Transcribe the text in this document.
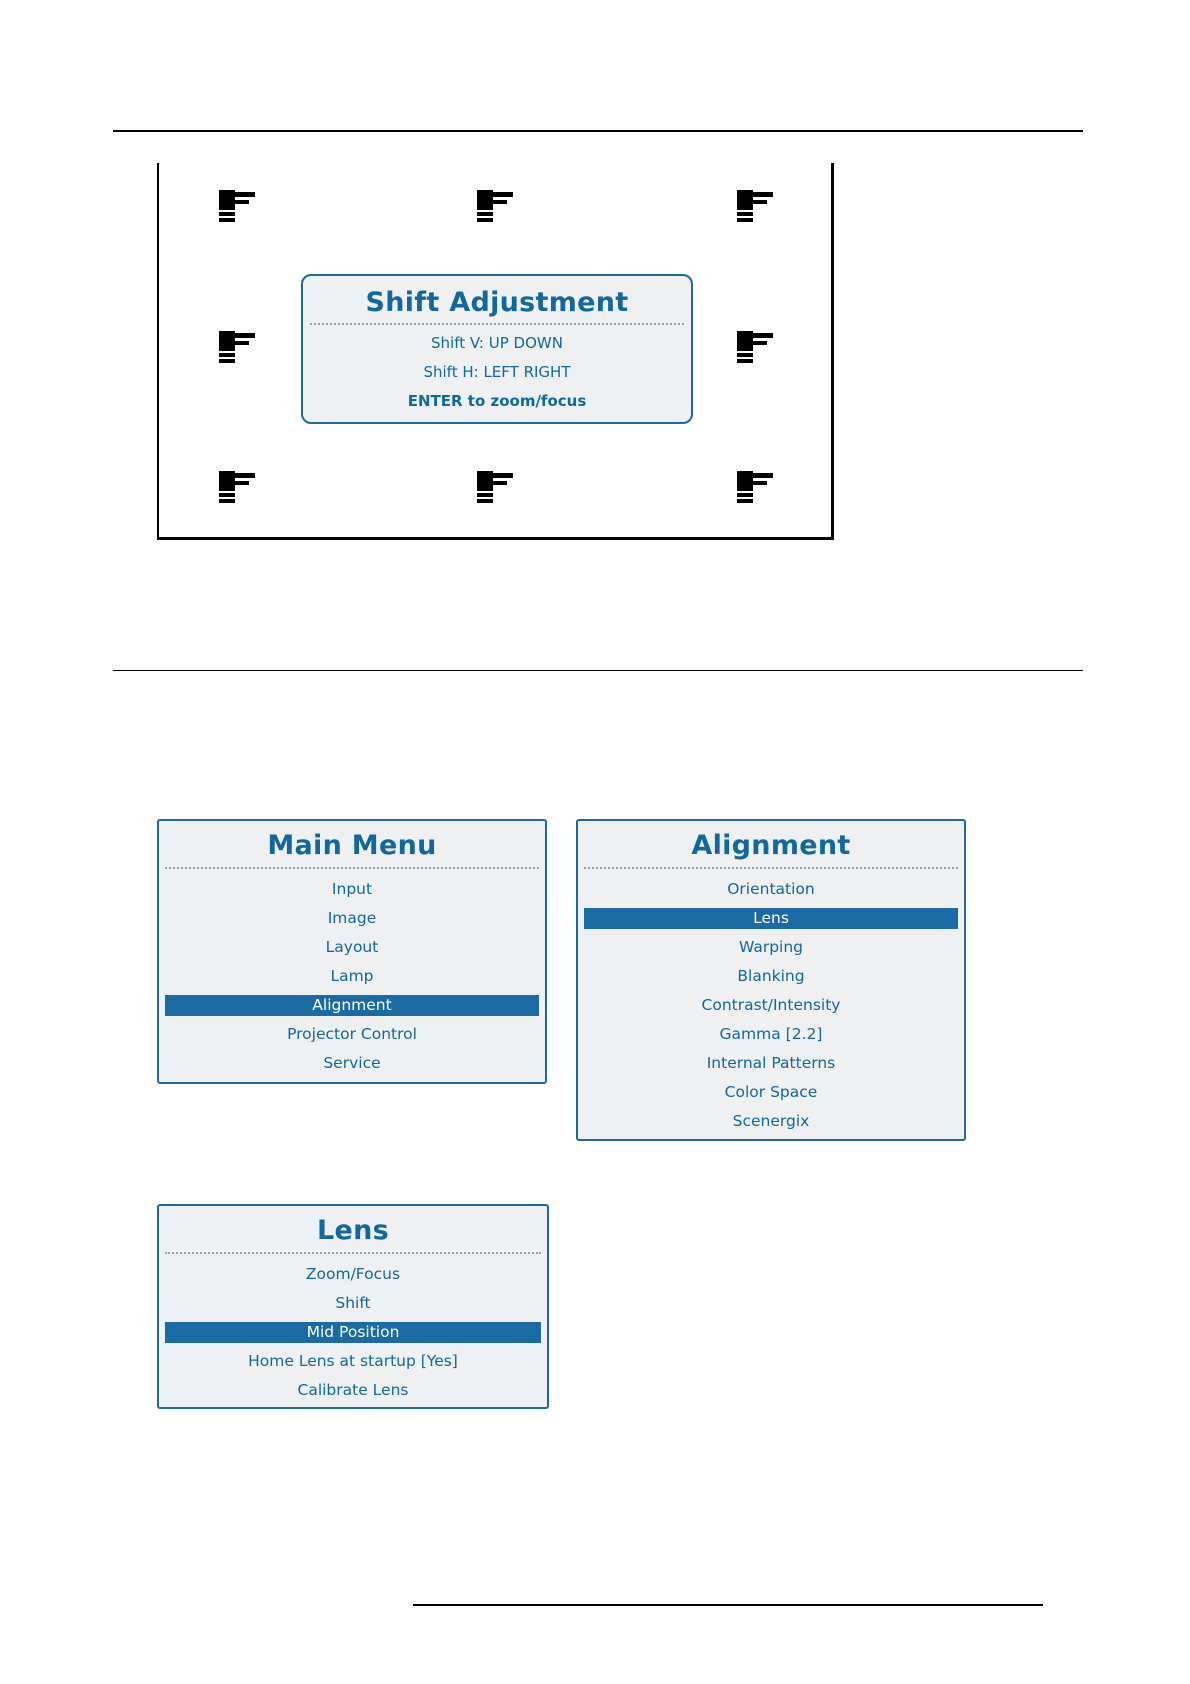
Shift Adjustment
Shift V: UP DOWN
Shift H: LEFT RIGHT
ENTER to zoom/focus
Main Menu
Input
Image
Layout
Lamp
Alignment
Projector Control
Service
Alignment
Orientation
Lens
Warping
Blanking
Contrast/Intensity
Gamma [2.2]
Internal Patterns
Color Space
Scenergix
Lens
Zoom/Focus
Shift
Mid Position
Home Lens at startup [Yes]
Calibrate Lens
